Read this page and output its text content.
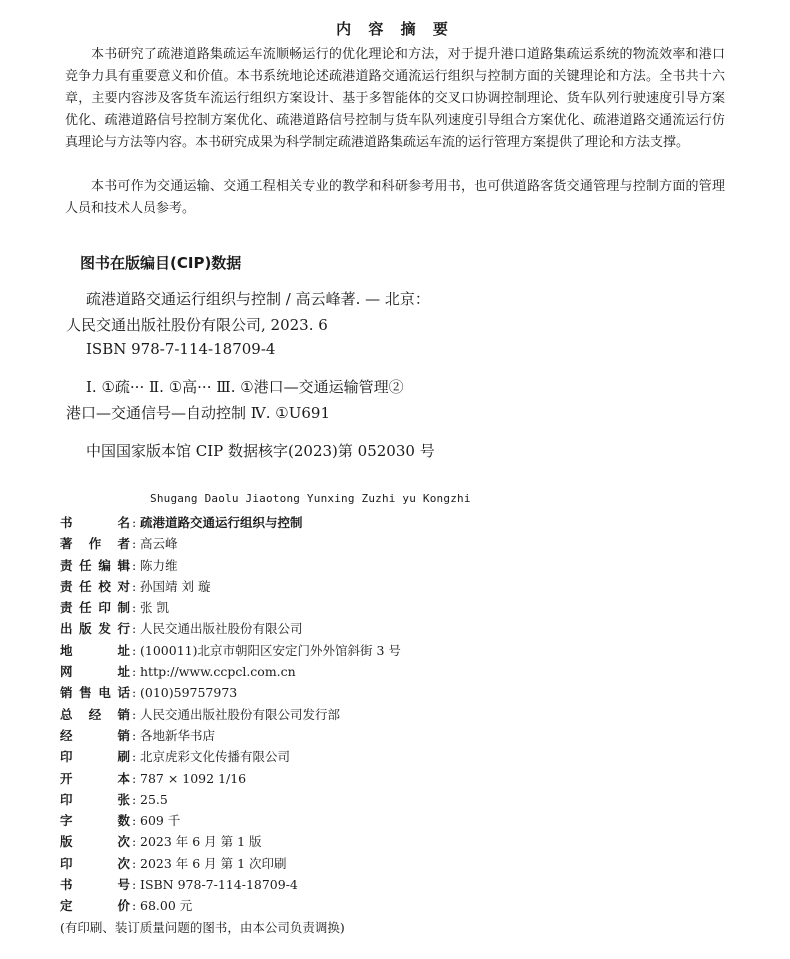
内 容 摘 要

本书研究了疏港道路集疏运车流顺畅运行的优化理论和方法，对于提升港口道路集疏运系统的物流效率和港口竞争力具有重要意义和价值。本书系统地论述疏港道路交通流运行组织与控制方面的关键理论和方法。全书共十六章，主要内容涉及客货车流运行组织方案设计、基于多智能体的交叉口协调控制理论、货车队列行驶速度引导方案优化、疏港道路信号控制方案优化、疏港道路信号控制与货车队列速度引导组合方案优化、疏港道路交通流运行仿真理论与方法等内容。本书研究成果为科学制定疏港道路集疏运车流的运行管理方案提供了理论和方法支撑。

本书可作为交通运输、交通工程相关专业的教学和科研参考用书，也可供道路客货交通管理与控制方面的管理人员和技术人员参考。

图书在版编目(CIP)数据
疏港道路交通运行组织与控制 / 高云峰著. — 北京：
人民交通出版社股份有限公司, 2023. 6
ISBN 978-7-114-18709-4
Ⅰ. ①疏··· Ⅱ. ①高··· Ⅲ. ①港口—交通运输管理②
港口—交通信号—自动控制 Ⅳ. ①U691
中国国家版本馆 CIP 数据核字(2023)第 052030 号
Shugang Daolu Jiaotong Yunxing Zuzhi yu Kongzhi
书名 : 疏港道路交通运行组织与控制
著作者 : 高云峰
责任编辑 : 陈力维
责任校对 : 孙国靖 刘 璇
责任印制 : 张 凯
出版发行 : 人民交通出版社股份有限公司
地址 : (100011)北京市朝阳区安定门外外馆斜街 3 号
网址 : http://www.ccpcl.com.cn
销售电话 : (010)59757973
总经销 : 人民交通出版社股份有限公司发行部
经销 : 各地新华书店
印刷 : 北京虎彩文化传播有限公司
开本 : 787 × 1092 1/16
印张 : 25.5
字数 : 609 千
版次 : 2023 年 6 月 第 1 版
印次 : 2023 年 6 月 第 1 次印刷
书号 : ISBN 978-7-114-18709-4
定价 : 68.00 元
(有印刷、装订质量问题的图书，由本公司负责调换)
